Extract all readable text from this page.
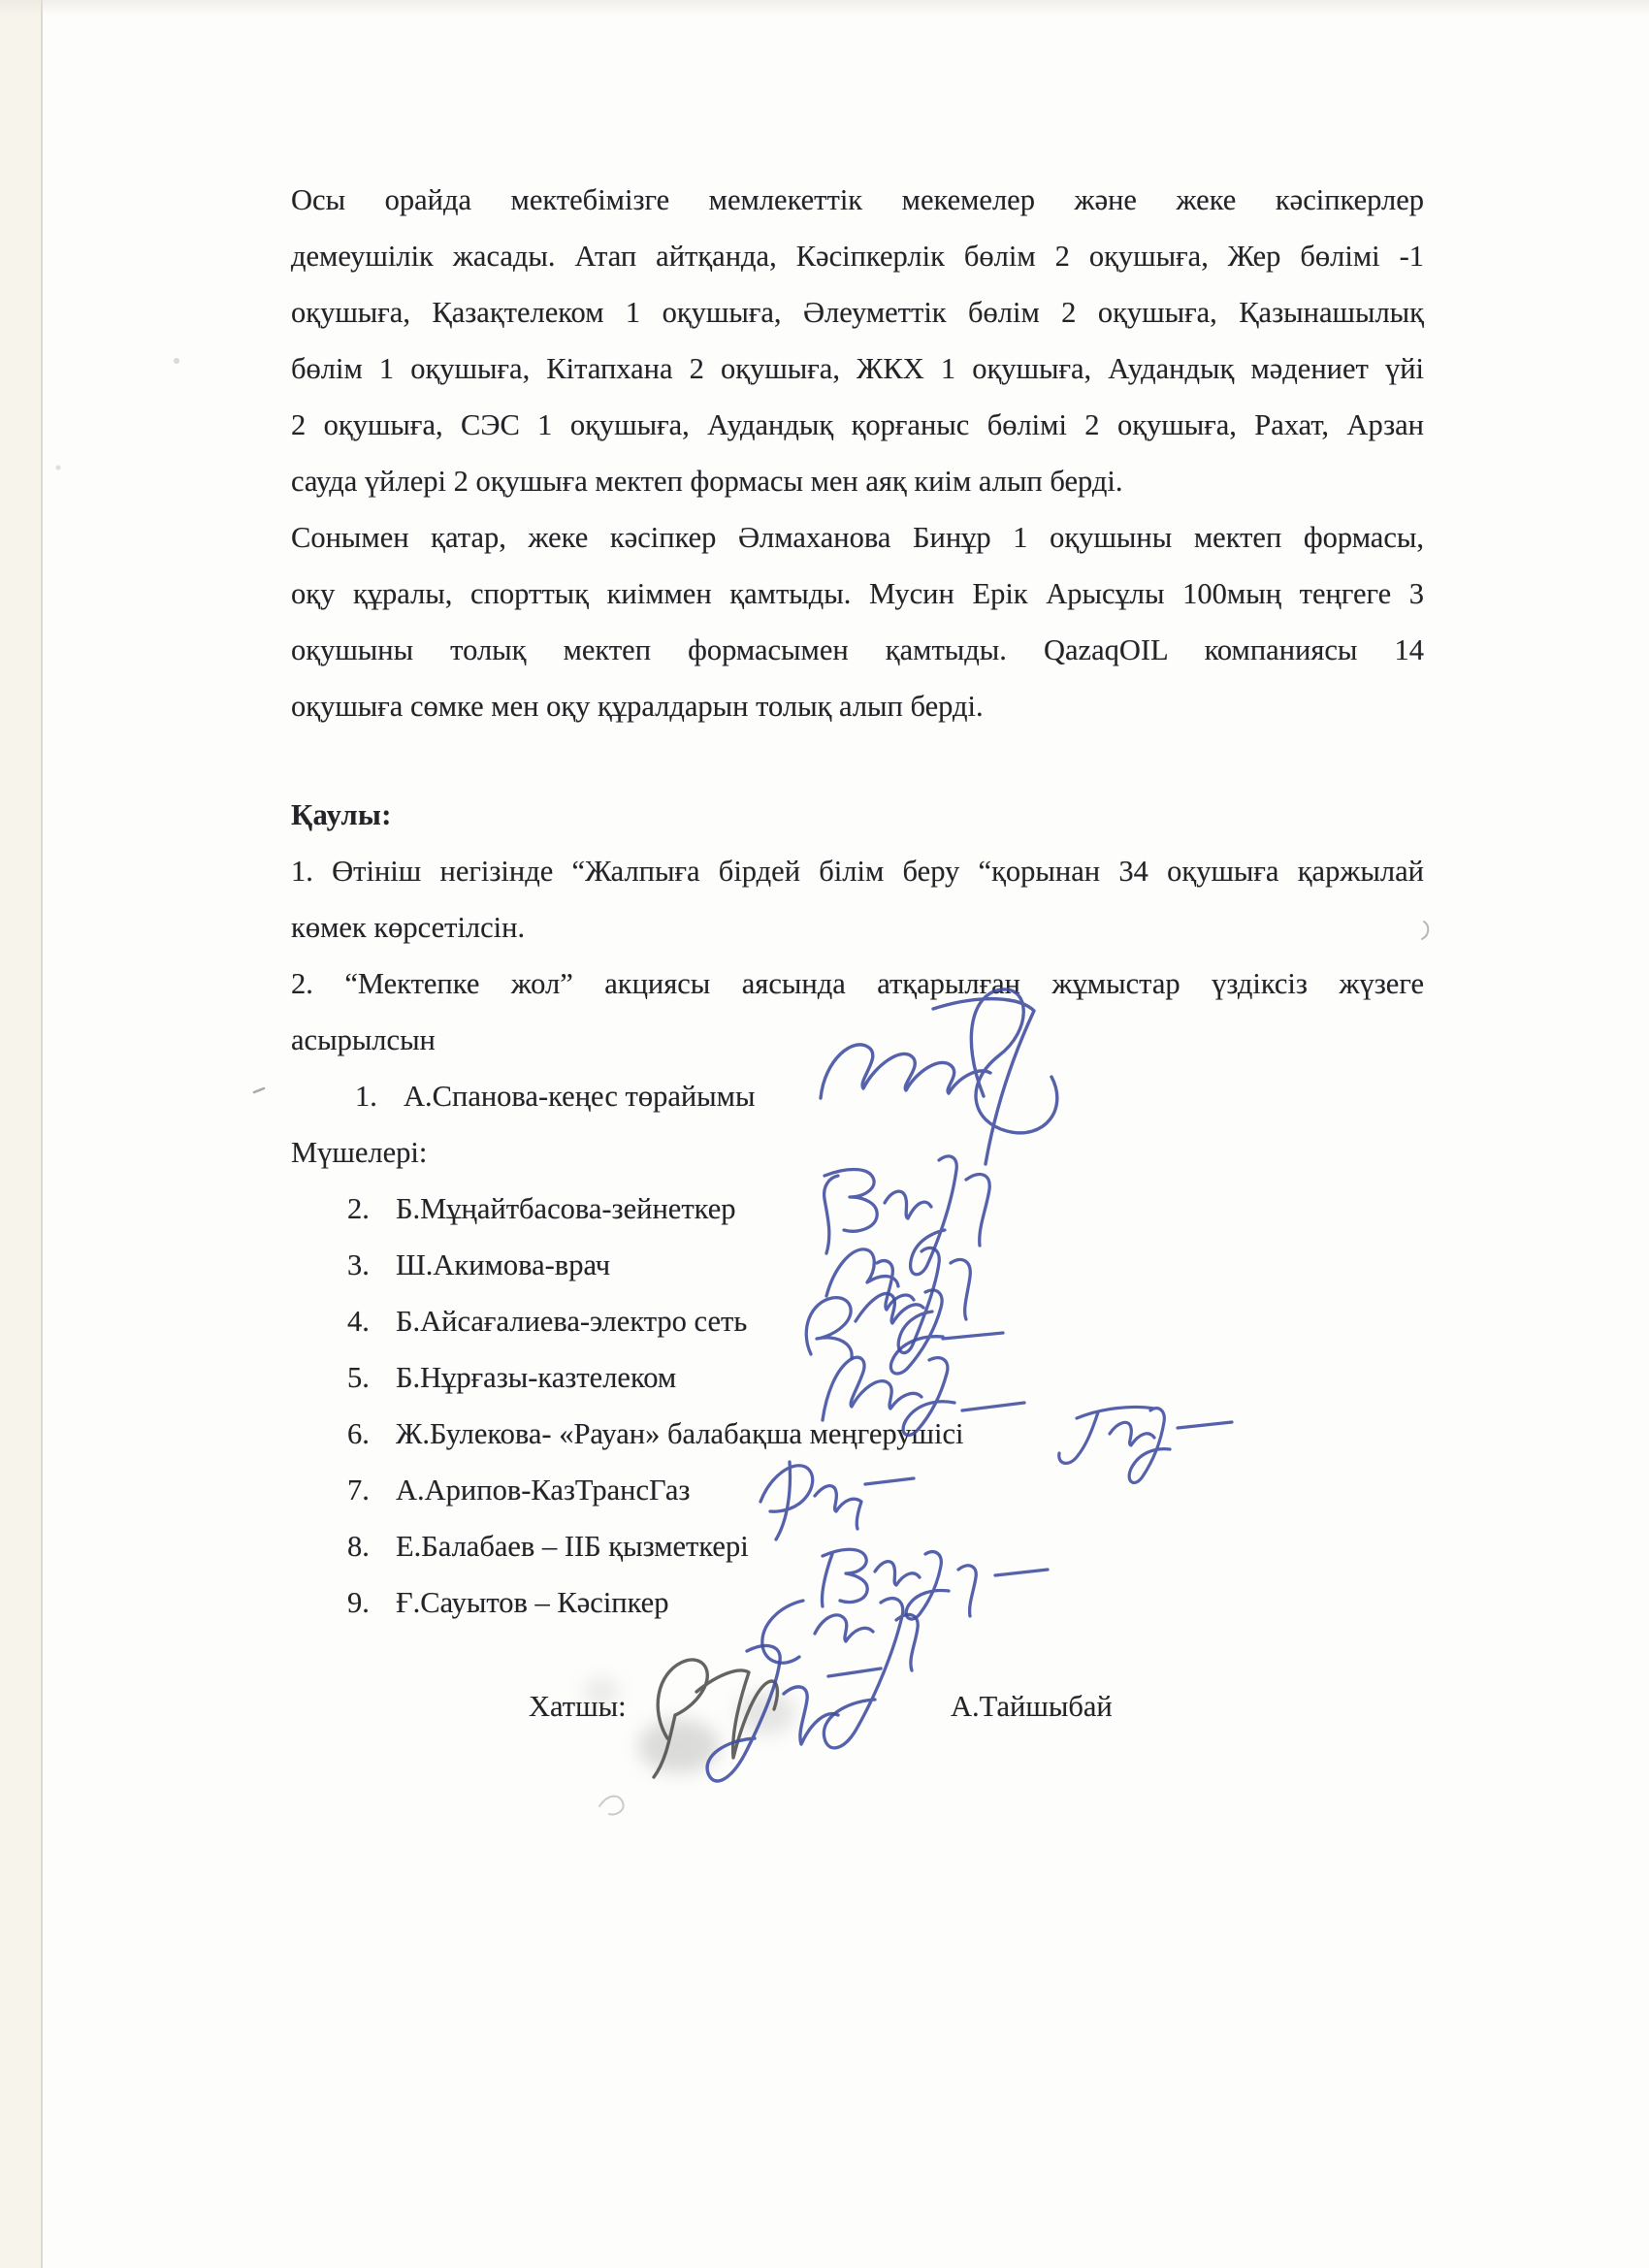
Осы орайда мектебімізге мемлекеттік мекемелер және жеке кәсіпкерлер
демеушілік жасады. Атап айтқанда, Кәсіпкерлік бөлім 2 оқушыға, Жер бөлімі -1
оқушыға, Қазақтелеком 1 оқушыға, Әлеуметтік бөлім 2 оқушыға, Қазынашылық
бөлім 1 оқушыға, Кітапхана 2 оқушыға, ЖКХ 1 оқушыға, Аудандық мәдениет үйі
2 оқушыға, СЭС 1 оқушыға, Аудандық қорғаныс бөлімі 2 оқушыға, Рахат, Арзан
сауда үйлері 2 оқушыға мектеп формасы мен аяқ киім алып берді.
Сонымен қатар, жеке кәсіпкер Әлмаханова Бинұр 1 оқушыны мектеп формасы,
оқу құралы, спорттық киіммен қамтыды. Мусин Ерік Арысұлы 100мың теңгеге 3
оқушыны толық мектеп формасымен қамтыды. QazaqOIL компаниясы 14
оқушыға сөмке мен оқу құралдарын толық алып берді.
Қаулы:
1. Өтініш негізінде “Жалпыға бірдей білім беру “қорынан 34 оқушыға қаржылай
көмек көрсетілсін.
2. “Мектепке жол” акциясы аясында атқарылған жұмыстар үздіксіз жүзеге
асырылсын
1. А.Спанова-кеңес төрайымы
Мүшелері:
2. Б.Мұңайтбасова-зейнеткер
3. Ш.Акимова-врач
4. Б.Айсағалиева-электро сеть
5. Б.Нұрғазы-казтелеком
6. Ж.Булекова- «Рауан» балабақша меңгерушісі
7. А.Арипов-КазТрансГаз
8. Е.Балабаев – ІІБ қызметкері
9. Ғ.Сауытов – Кәсіпкер
Хатшы:	А.Тайшыбай
